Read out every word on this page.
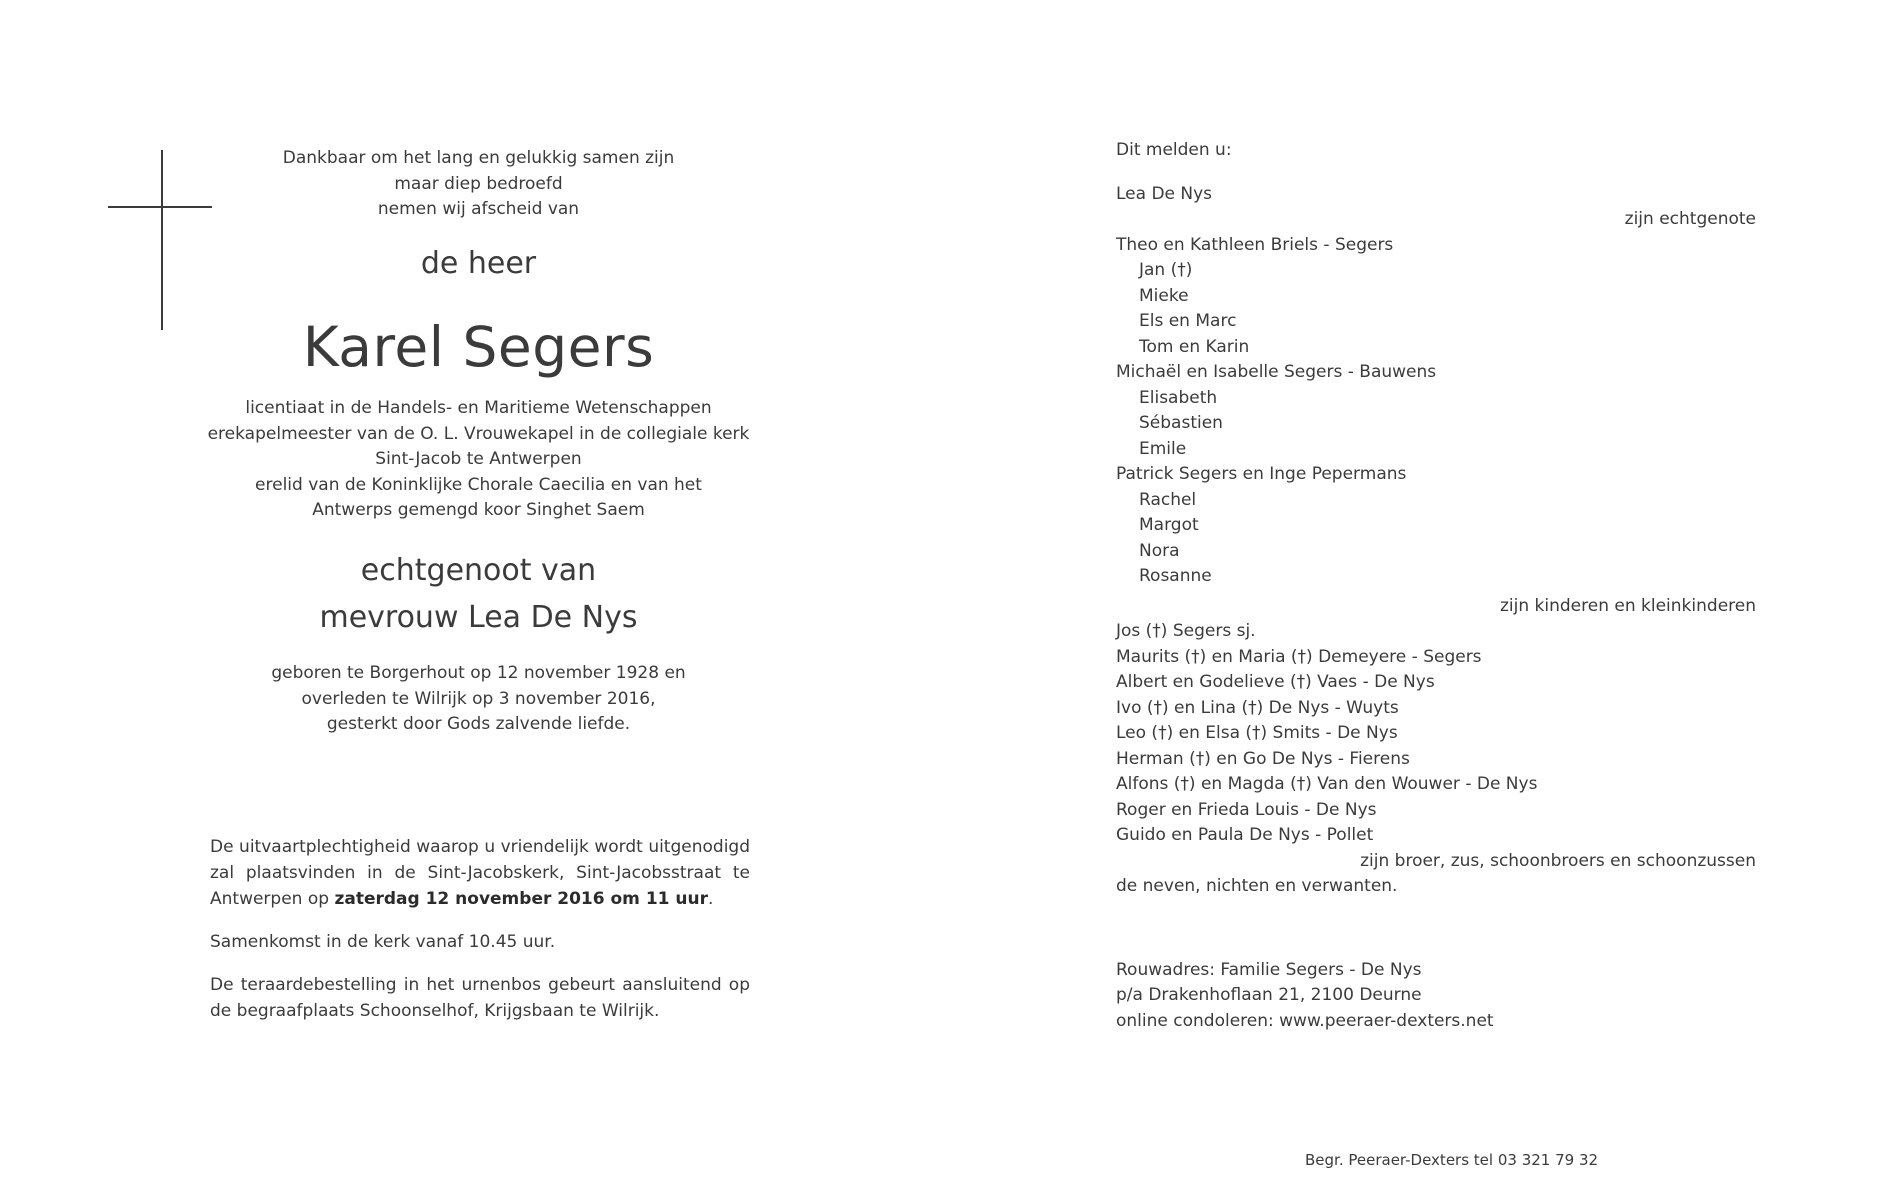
Dankbaar om het lang en gelukkig samen zijn
maar diep bedroefd
nemen wij afscheid van
de heer
Karel Segers
licentiaat in de Handels- en Maritieme Wetenschappen
erekapelmeester van de O. L. Vrouwekapel in de collegiale kerk
Sint-Jacob te Antwerpen
erelid van de Koninklijke Chorale Caecilia en van het
Antwerps gemengd koor Singhet Saem
echtgenoot van
mevrouw Lea De Nys
geboren te Borgerhout op 12 november 1928 en
overleden te Wilrijk op 3 november 2016,
gesterkt door Gods zalvende liefde.

De uitvaartplechtigheid waarop u vriendelijk wordt uitgenodigd zal plaatsvinden in de Sint-Jacobskerk, Sint-Jacobsstraat te Antwerpen op zaterdag 12 november 2016 om 11 uur.

Samenkomst in de kerk vanaf 10.45 uur.

De teraardebestelling in het urnenbos gebeurt aansluitend op de begraafplaats Schoonselhof, Krijgsbaan te Wilrijk.

Dit melden u:
Lea De Nys
zijn echtgenote
Theo en Kathleen Briels - Segers
Jan (†)
Mieke
Els en Marc
Tom en Karin
Michaël en Isabelle Segers - Bauwens
Elisabeth
Sébastien
Emile
Patrick Segers en Inge Pepermans
Rachel
Margot
Nora
Rosanne
zijn kinderen en kleinkinderen
Jos (†) Segers sj.
Maurits (†) en Maria (†) Demeyere - Segers
Albert en Godelieve (†) Vaes - De Nys
Ivo (†) en Lina (†) De Nys - Wuyts
Leo (†) en Elsa (†) Smits - De Nys
Herman (†) en Go De Nys - Fierens
Alfons (†) en Magda (†) Van den Wouwer - De Nys
Roger en Frieda Louis - De Nys
Guido en Paula De Nys - Pollet
zijn broer, zus, schoonbroers en schoonzussen
de neven, nichten en verwanten.
Rouwadres: Familie Segers - De Nys
p/a Drakenhoflaan 21, 2100 Deurne
online condoleren: www.peeraer-dexters.net
Begr. Peeraer-Dexters tel 03 321 79 32
